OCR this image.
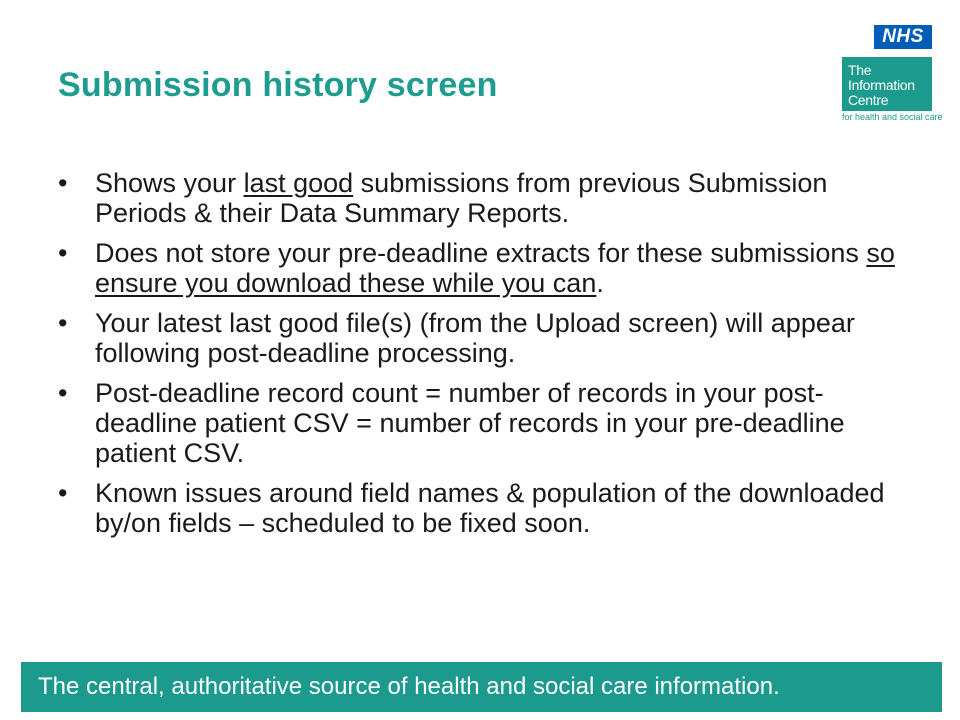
NHS
The
Information
Centre
for health and social care
Submission history screen
• Shows your last good submissions from previous Submission Periods & their Data Summary Reports.
• Does not store your pre-deadline extracts for these submissions so ensure you download these while you can.
• Your latest last good file(s) (from the Upload screen) will appear following post-deadline processing.
• Post-deadline record count = number of records in your post-deadline patient CSV = number of records in your pre-deadline patient CSV.
• Known issues around field names & population of the downloaded by/on fields – scheduled to be fixed soon.
The central, authoritative source of health and social care information.
